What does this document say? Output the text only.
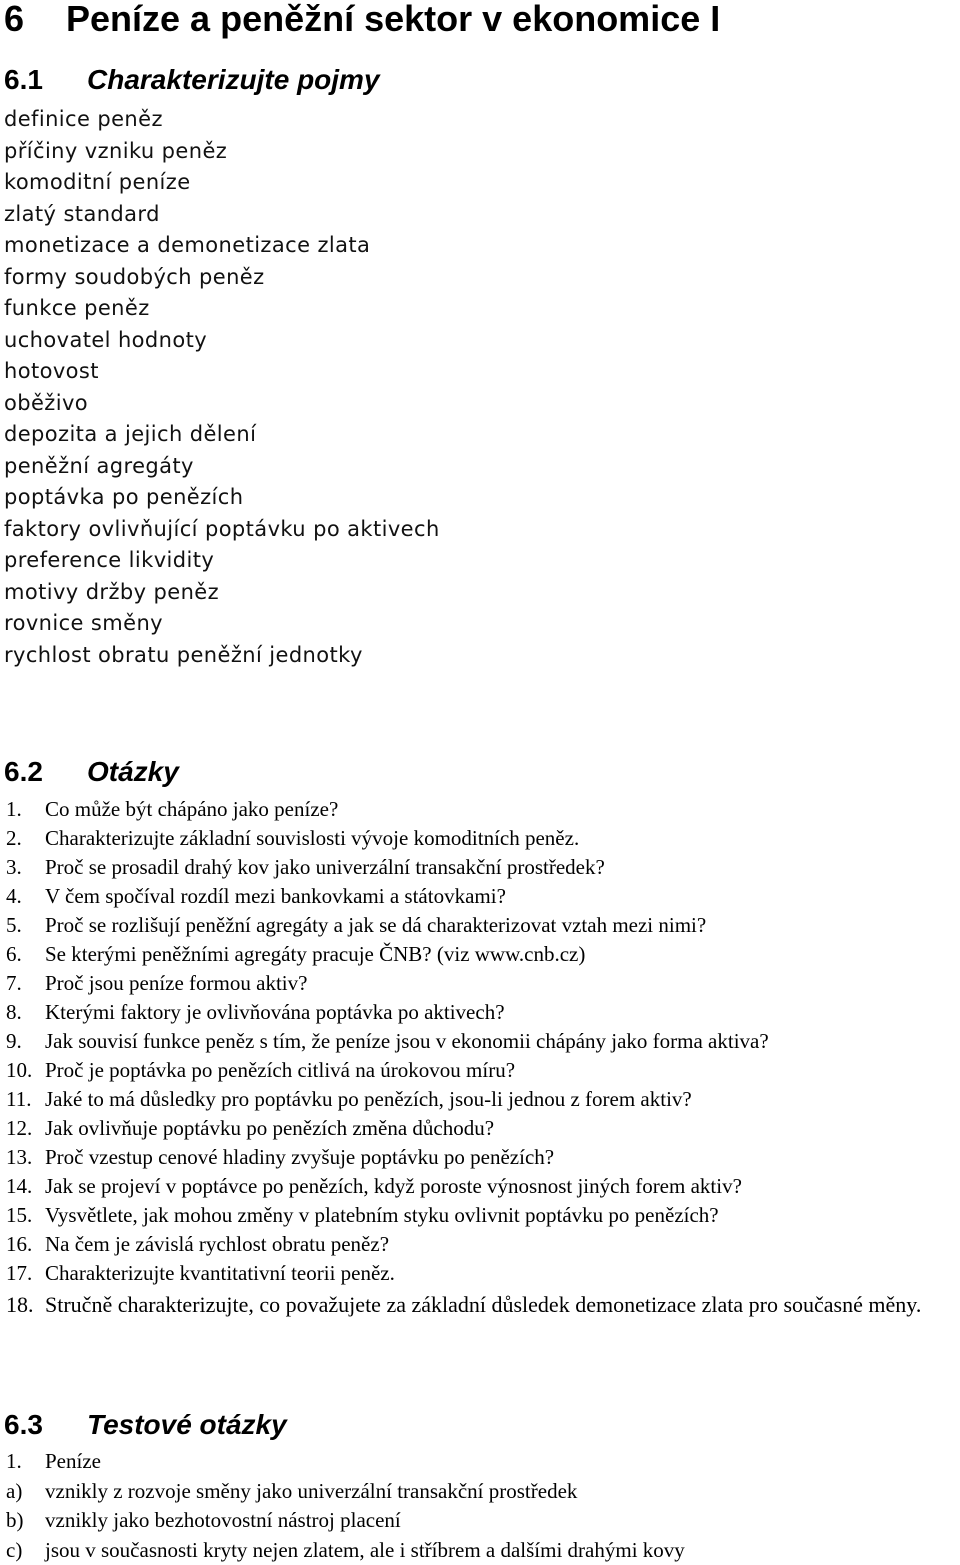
6 Peníze a peněžní sektor v ekonomice I
6.1 Charakterizujte pojmy
definice peněz
příčiny vzniku peněz
komoditní peníze
zlatý standard
monetizace a demonetizace zlata
formy soudobých peněz
funkce peněz
uchovatel hodnoty
hotovost
oběživo
depozita a jejich dělení
peněžní agregáty
poptávka po penězích
faktory ovlivňující poptávku po aktivech
preference likvidity
motivy držby peněz
rovnice směny
rychlost obratu peněžní jednotky
6.2 Otázky
1.	Co může být chápáno jako peníze?
2.	Charakterizujte základní souvislosti vývoje komoditních peněz.
3.	Proč se prosadil drahý kov jako univerzální transakční prostředek?
4.	V čem spočíval rozdíl mezi bankovkami a státovkami?
5.	Proč se rozlišují peněžní agregáty a jak se dá charakterizovat vztah mezi nimi?
6.	Se kterými peněžními agregáty pracuje ČNB? (viz www.cnb.cz)
7.	Proč jsou peníze formou aktiv?
8.	Kterými faktory je ovlivňována poptávka po aktivech?
9.	Jak souvisí funkce peněz s tím, že peníze jsou v ekonomii chápány jako forma aktiva?
10. Proč je poptávka po penězích citlivá na úrokovou míru?
11. Jaké to má důsledky pro poptávku po penězích, jsou-li jednou z forem aktiv?
12. Jak ovlivňuje poptávku po penězích změna důchodu?
13. Proč vzestup cenové hladiny zvyšuje poptávku po penězích?
14. Jak se projeví v poptávce po penězích, když poroste výnosnost jiných forem aktiv?
15. Vysvětlete, jak mohou změny v platebním styku ovlivnit poptávku po penězích?
16. Na čem je závislá rychlost obratu peněz?
17. Charakterizujte kvantitativní teorii peněz.
18. Stručně charakterizujte, co považujete za základní důsledek demonetizace zlata pro současné měny.
6.3 Testové otázky
1.	Peníze
a)	vznikly z rozvoje směny jako univerzální transakční prostředek
b)	vznikly jako bezhotovostní nástroj placení
c)	jsou v současnosti kryty nejen zlatem, ale i stříbrem a dalšími drahými kovy
